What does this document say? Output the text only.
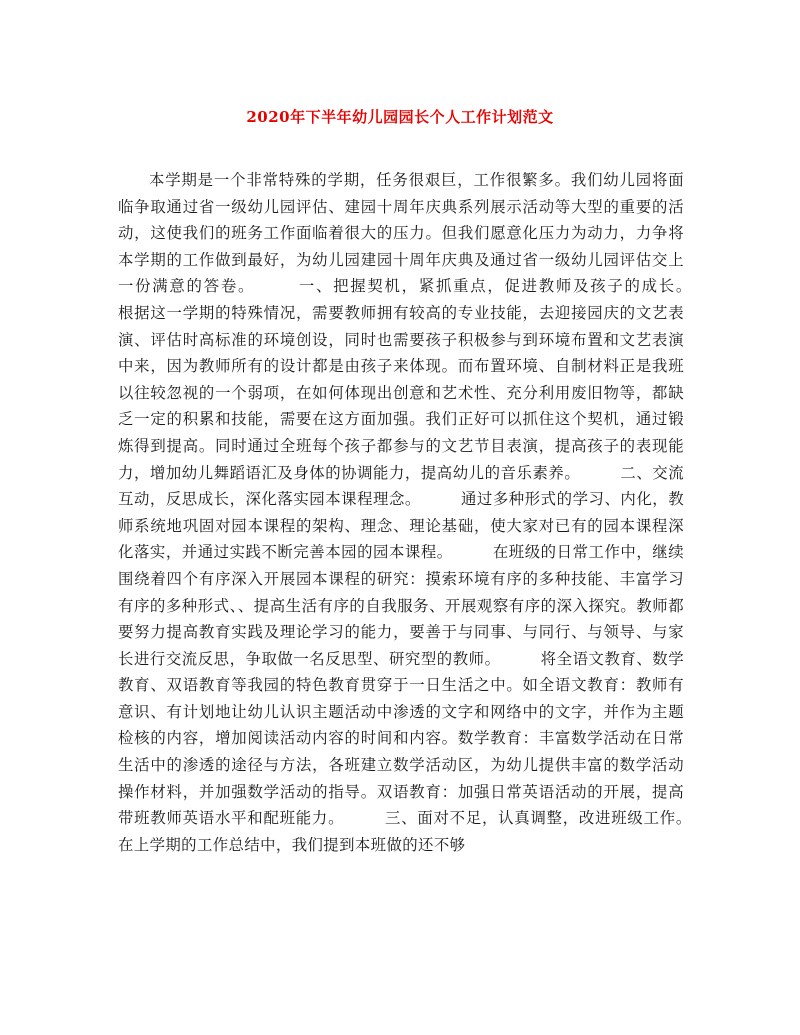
2020年下半年幼儿园园长个人工作计划范文

本学期是一个非常特殊的学期，任务很艰巨，工作很繁多。我们幼儿园将面临争取通过省一级幼儿园评估、建园十周年庆典系列展示活动等大型的重要的活动，这使我们的班务工作面临着很大的压力。但我们愿意化压力为动力，力争将本学期的工作做到最好，为幼儿园建园十周年庆典及通过省一级幼儿园评估交上一份满意的答卷。　　　一、把握契机，紧抓重点，促进教师及孩子的成长。　　　根据这一学期的特殊情况，需要教师拥有较高的专业技能，去迎接园庆的文艺表演、评估时高标准的环境创设，同时也需要孩子积极参与到环境布置和文艺表演中来，因为教师所有的设计都是由孩子来体现。而布置环境、自制材料正是我班以往较忽视的一个弱项，在如何体现出创意和艺术性、充分利用废旧物等，都缺乏一定的积累和技能，需要在这方面加强。我们正好可以抓住这个契机，通过锻炼得到提高。同时通过全班每个孩子都参与的文艺节目表演，提高孩子的表现能力，增加幼儿舞蹈语汇及身体的协调能力，提高幼儿的音乐素养。　　　二、交流互动，反思成长，深化落实园本课程理念。　　　通过多种形式的学习、内化，教师系统地巩固对园本课程的架构、理念、理论基础，使大家对已有的园本课程深化落实，并通过实践不断完善本园的园本课程。　　　在班级的日常工作中，继续围绕着四个有序深入开展园本课程的研究：摸索环境有序的多种技能、丰富学习有序的多种形式、、提高生活有序的自我服务、开展观察有序的深入探究。教师都要努力提高教育实践及理论学习的能力，要善于与同事、与同行、与领导、与家长进行交流反思，争取做一名反思型、研究型的教师。　　　将全语文教育、数学教育、双语教育等我园的特色教育贯穿于一日生活之中。如全语文教育：教师有意识、有计划地让幼儿认识主题活动中渗透的文字和网络中的文字，并作为主题检核的内容，增加阅读活动内容的时间和内容。数学教育：丰富数学活动在日常生活中的渗透的途径与方法，各班建立数学活动区，为幼儿提供丰富的数学活动操作材料，并加强数学活动的指导。双语教育：加强日常英语活动的开展，提高带班教师英语水平和配班能力。　　　三、面对不足，认真调整，改进班级工作。　　　在上学期的工作总结中，我们提到本班做的还不够
